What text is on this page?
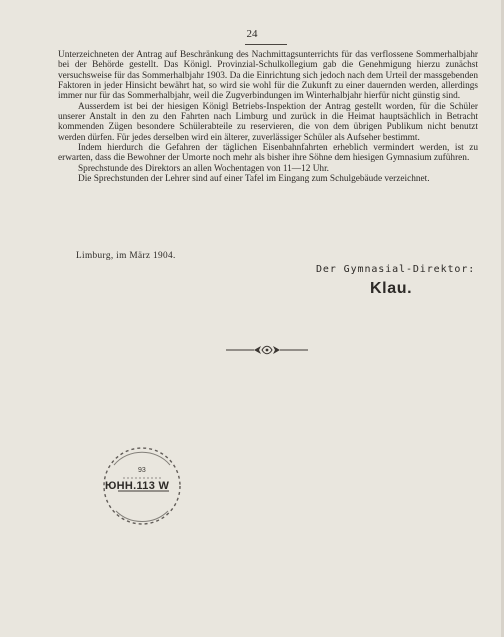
24

Unterzeichneten der Antrag auf Beschränkung des Nachmittagsunterrichts für das verflossene Sommerhalbjahr bei der Behörde gestellt. Das Königl. Provinzial-Schulkollegium gab die Genehmigung hierzu zunächst versuchsweise für das Sommerhalbjahr 1903. Da die Einrichtung sich jedoch nach dem Urteil der massgebenden Faktoren in jeder Hinsicht bewährt hat, so wird sie wohl für die Zukunft zu einer dauernden werden, allerdings immer nur für das Sommerhalbjahr, weil die Zugverbindungen im Winterhalbjahr hierfür nicht günstig sind.

Ausserdem ist bei der hiesigen Königl Betriebs-Inspektion der Antrag gestellt worden, für die Schüler unserer Anstalt in den zu den Fahrten nach Limburg und zurück in die Heimat hauptsächlich in Betracht kommenden Zügen besondere Schülerabteile zu reservieren, die von dem übrigen Publikum nicht benutzt werden dürfen. Für jedes derselben wird ein älterer, zuverlässiger Schüler als Aufseher bestimmt.

Indem hierdurch die Gefahren der täglichen Eisenbahnfahrten erheblich vermindert werden, ist zu erwarten, dass die Bewohner der Umorte noch mehr als bisher ihre Söhne dem hiesigen Gymnasium zuführen.

Sprechstunde des Direktors an allen Wochentagen von 11—12 Uhr.

Die Sprechstunden der Lehrer sind auf einer Tafel im Eingang zum Schulgebäude verzeichnet.

Limburg, im März 1904.
Der Gymnasial-Direktor:
Klau.
93
ЮHH.113 W
